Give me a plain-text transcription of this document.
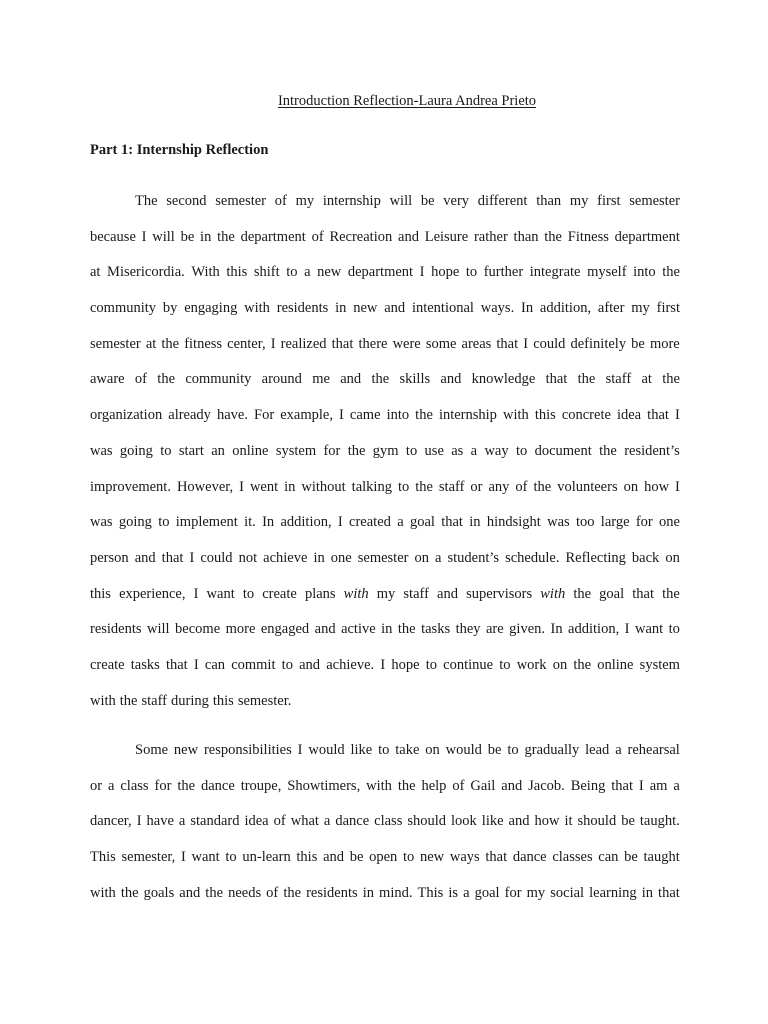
Introduction Reflection-Laura Andrea Prieto
Part 1: Internship Reflection
The second semester of my internship will be very different than my first semester
because I will be in the department of Recreation and Leisure rather than the Fitness department
at Misericordia. With this shift to a new department I hope to further integrate myself into the
community by engaging with residents in new and intentional ways. In addition, after my first
semester at the fitness center, I realized that there were some areas that I could definitely be more
aware of the community around me and the skills and knowledge that the staff at the
organization already have. For example, I came into the internship with this concrete idea that I
was going to start an online system for the gym to use as a way to document the resident’s
improvement. However, I went in without talking to the staff or any of the volunteers on how I
was going to implement it. In addition, I created a goal that in hindsight was too large for one
person and that I could not achieve in one semester on a student’s schedule. Reflecting back on
this experience, I want to create plans with my staff and supervisors with the goal that the
residents will become more engaged and active in the tasks they are given. In addition, I want to
create tasks that I can commit to and achieve. I hope to continue to work on the online system
with the staff during this semester.
Some new responsibilities I would like to take on would be to gradually lead a rehearsal
or a class for the dance troupe, Showtimers, with the help of Gail and Jacob. Being that I am a
dancer, I have a standard idea of what a dance class should look like and how it should be taught.
This semester, I want to un-learn this and be open to new ways that dance classes can be taught
with the goals and the needs of the residents in mind. This is a goal for my social learning in that
